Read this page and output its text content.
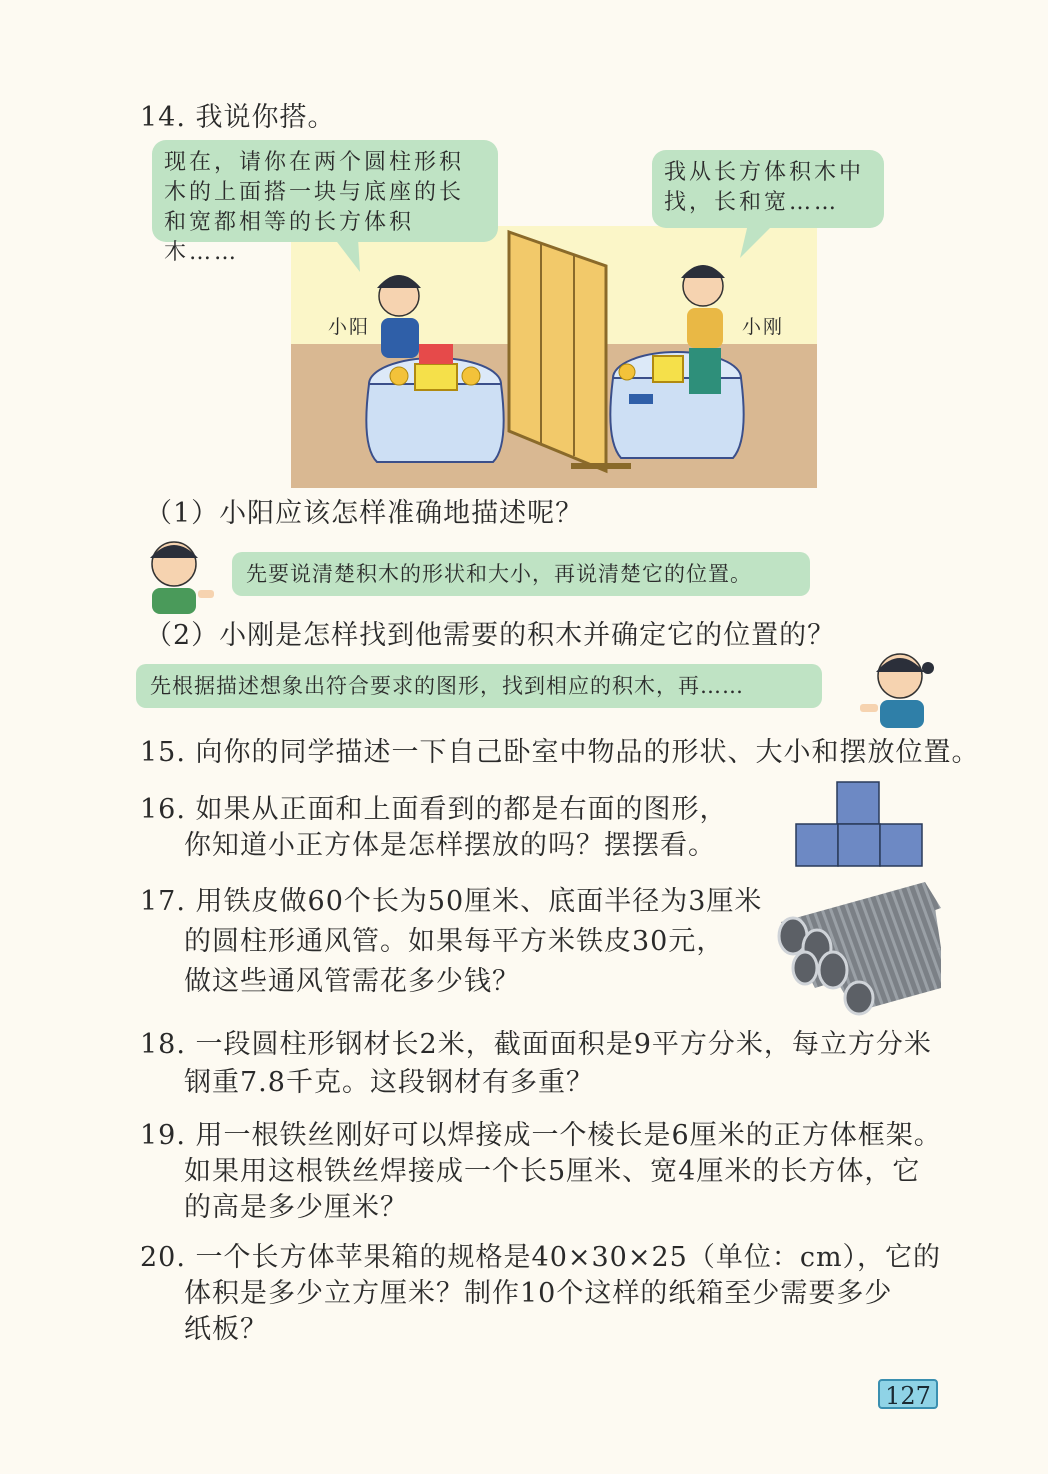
14. 我说你搭。
小阳	小刚
现在，请你在两个圆柱形积木的上面搭一块与底座的长和宽都相等的长方体积木……
我从长方体积木中找，长和宽……
（1）小阳应该怎样准确地描述呢？
先要说清楚积木的形状和大小，再说清楚它的位置。
（2）小刚是怎样找到他需要的积木并确定它的位置的？
先根据描述想象出符合要求的图形，找到相应的积木，再……
15. 向你的同学描述一下自己卧室中物品的形状、大小和摆放位置。
16. 如果从正面和上面看到的都是右面的图形，
你知道小正方体是怎样摆放的吗？摆摆看。
17. 用铁皮做60个长为50厘米、底面半径为3厘米
的圆柱形通风管。如果每平方米铁皮30元，
做这些通风管需花多少钱？
18. 一段圆柱形钢材长2米，截面面积是9平方分米，每立方分米
钢重7.8千克。这段钢材有多重？
19. 用一根铁丝刚好可以焊接成一个棱长是6厘米的正方体框架。
如果用这根铁丝焊接成一个长5厘米、宽4厘米的长方体，它
的高是多少厘米？
20. 一个长方体苹果箱的规格是40×30×25（单位：cm），它的
体积是多少立方厘米？制作10个这样的纸箱至少需要多少
纸板？
127
